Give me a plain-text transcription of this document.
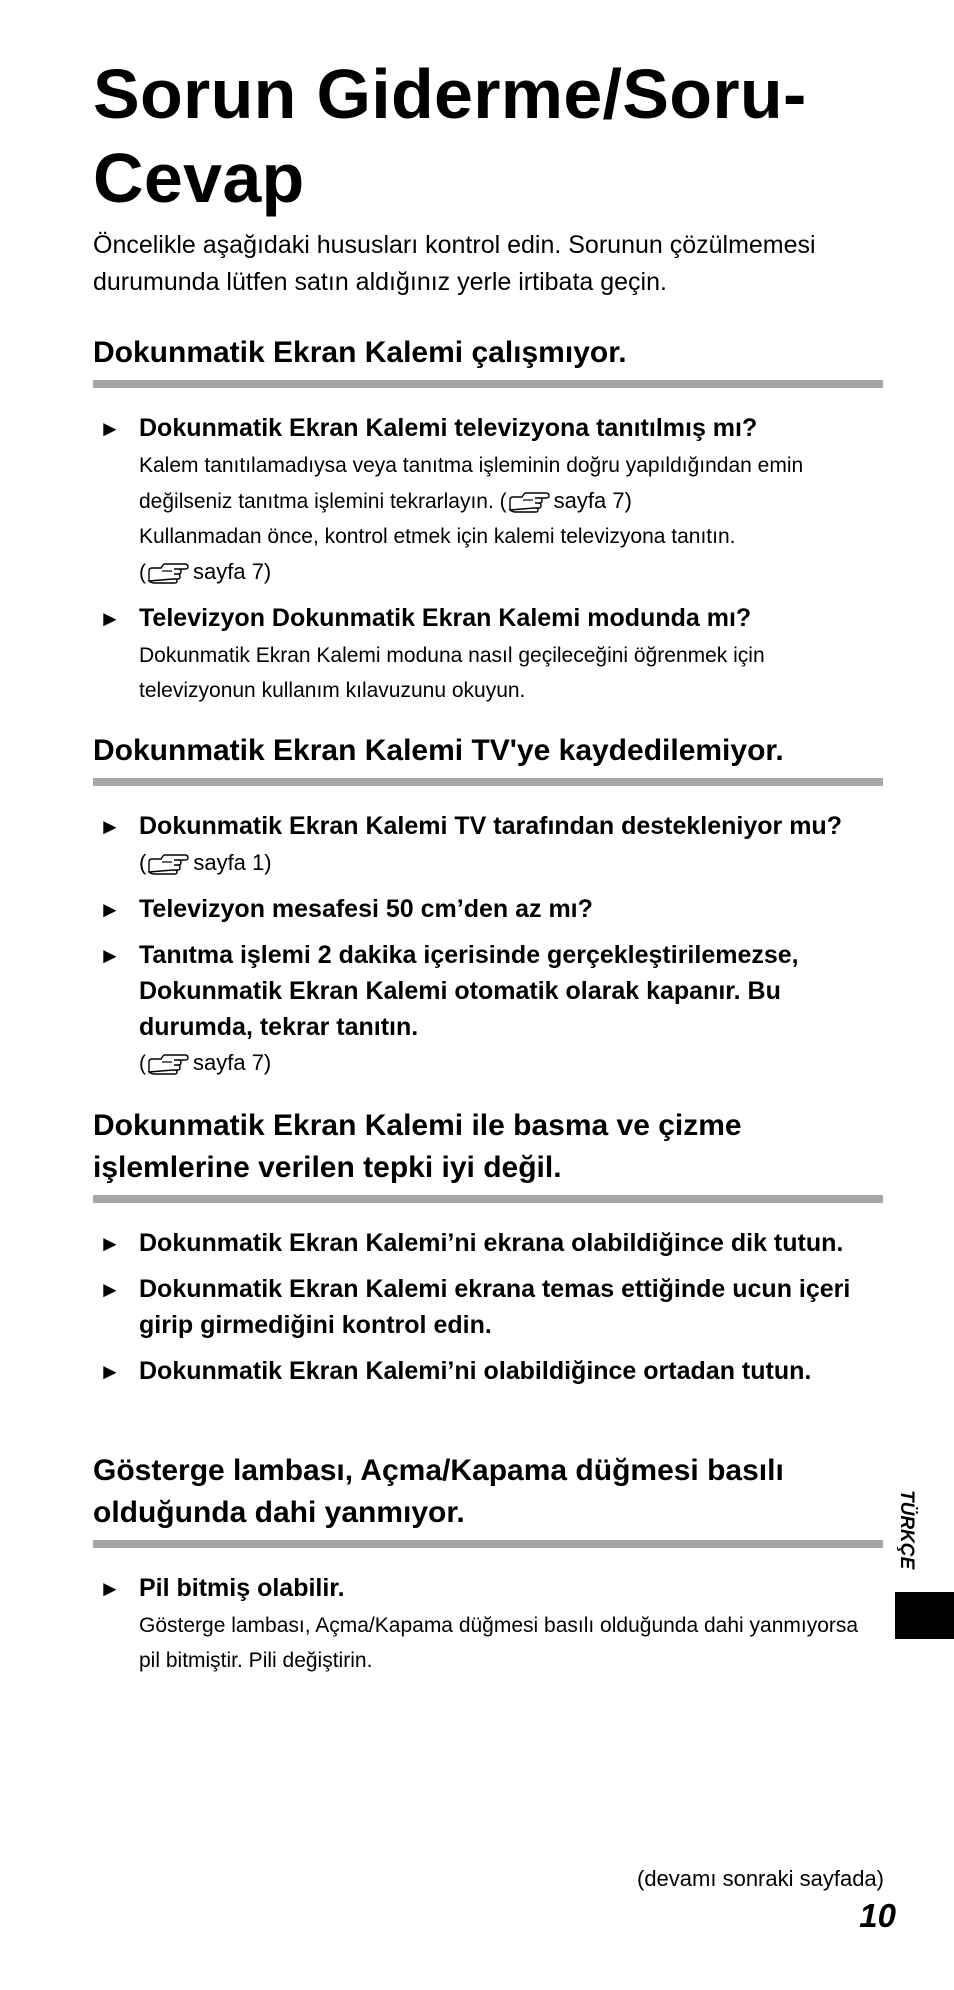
Sorun Giderme/Soru-
Cevap

Öncelikle aşağıdaki hususları kontrol edin. Sorunun çözülmemesi durumunda lütfen satın aldığınız yerle irtibata geçin.

Dokunmatik Ekran Kalemi çalışmıyor.
► Dokunmatik Ekran Kalemi televizyona tanıtılmış mı?

Kalem tanıtılamadıysa veya tanıtma işleminin doğru yapıldığından emin değilseniz tanıtma işlemini tekrarlayın. ( sayfa 7)
Kullanmadan önce, kontrol etmek için kalemi televizyona tanıtın.
( sayfa 7)

► Televizyon Dokunmatik Ekran Kalemi modunda mı?

Dokunmatik Ekran Kalemi moduna nasıl geçileceğini öğrenmek için televizyonun kullanım kılavuzunu okuyun.

Dokunmatik Ekran Kalemi TV'ye kaydedilemiyor.
► Dokunmatik Ekran Kalemi TV tarafından destekleniyor mu?( sayfa 1)
► Televizyon mesafesi 50 cm’den az mı?
► Tanıtma işlemi 2 dakika içerisinde gerçekleştirilemezse, Dokunmatik Ekran Kalemi otomatik olarak kapanır. Bu durumda, tekrar tanıtın.

( sayfa 7)

Dokunmatik Ekran Kalemi ile basma ve çizme işlemlerine verilen tepki iyi değil.
► Dokunmatik Ekran Kalemi’ni ekrana olabildiğince dik tutun.
► Dokunmatik Ekran Kalemi ekrana temas ettiğinde ucun içeri girip girmediğini kontrol edin.
► Dokunmatik Ekran Kalemi’ni olabildiğince ortadan tutun.
Gösterge lambası, Açma/Kapama düğmesi basılı olduğunda dahi yanmıyor.
► Pil bitmiş olabilir.

Gösterge lambası, Açma/Kapama düğmesi basılı olduğunda dahi yanmıyorsa pil bitmiştir. Pili değiştirin.

TÜRKÇE
(devamı sonraki sayfada)
10
